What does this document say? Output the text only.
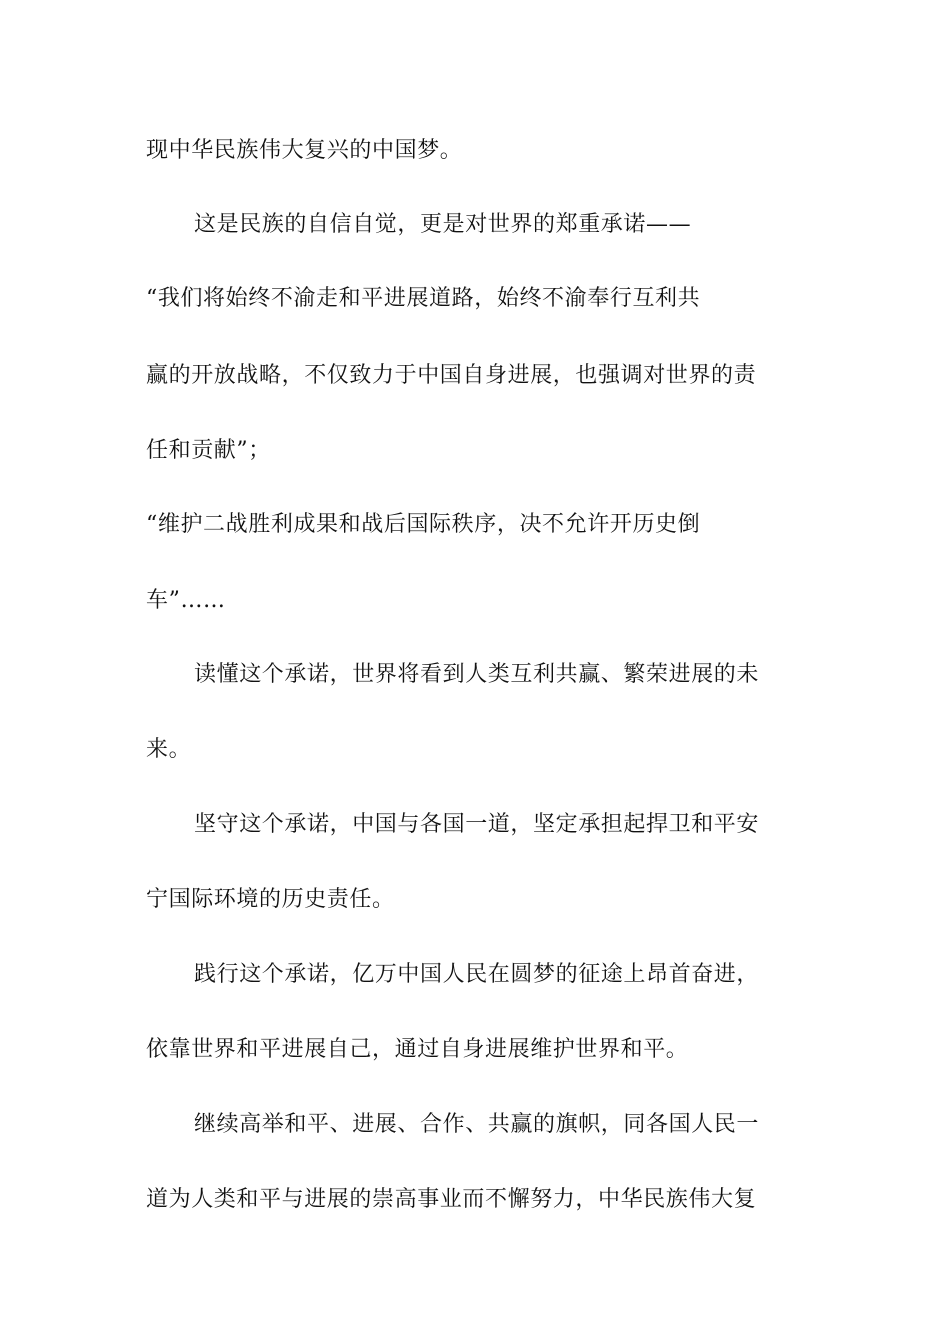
现中华民族伟大复兴的中国梦。
这是民族的自信自觉，更是对世界的郑重承诺——
“我们将始终不渝走和平进展道路，始终不渝奉行互利共
赢的开放战略，不仅致力于中国自身进展，也强调对世界的责
任和贡献”；
“维护二战胜利成果和战后国际秩序，决不允许开历史倒
车”……
读懂这个承诺，世界将看到人类互利共赢、繁荣进展的未
来。
坚守这个承诺，中国与各国一道，坚定承担起捍卫和平安
宁国际环境的历史责任。
践行这个承诺，亿万中国人民在圆梦的征途上昂首奋进，
依靠世界和平进展自己，通过自身进展维护世界和平。
继续高举和平、进展、合作、共赢的旗帜，同各国人民一
道为人类和平与进展的崇高事业而不懈努力，中华民族伟大复
